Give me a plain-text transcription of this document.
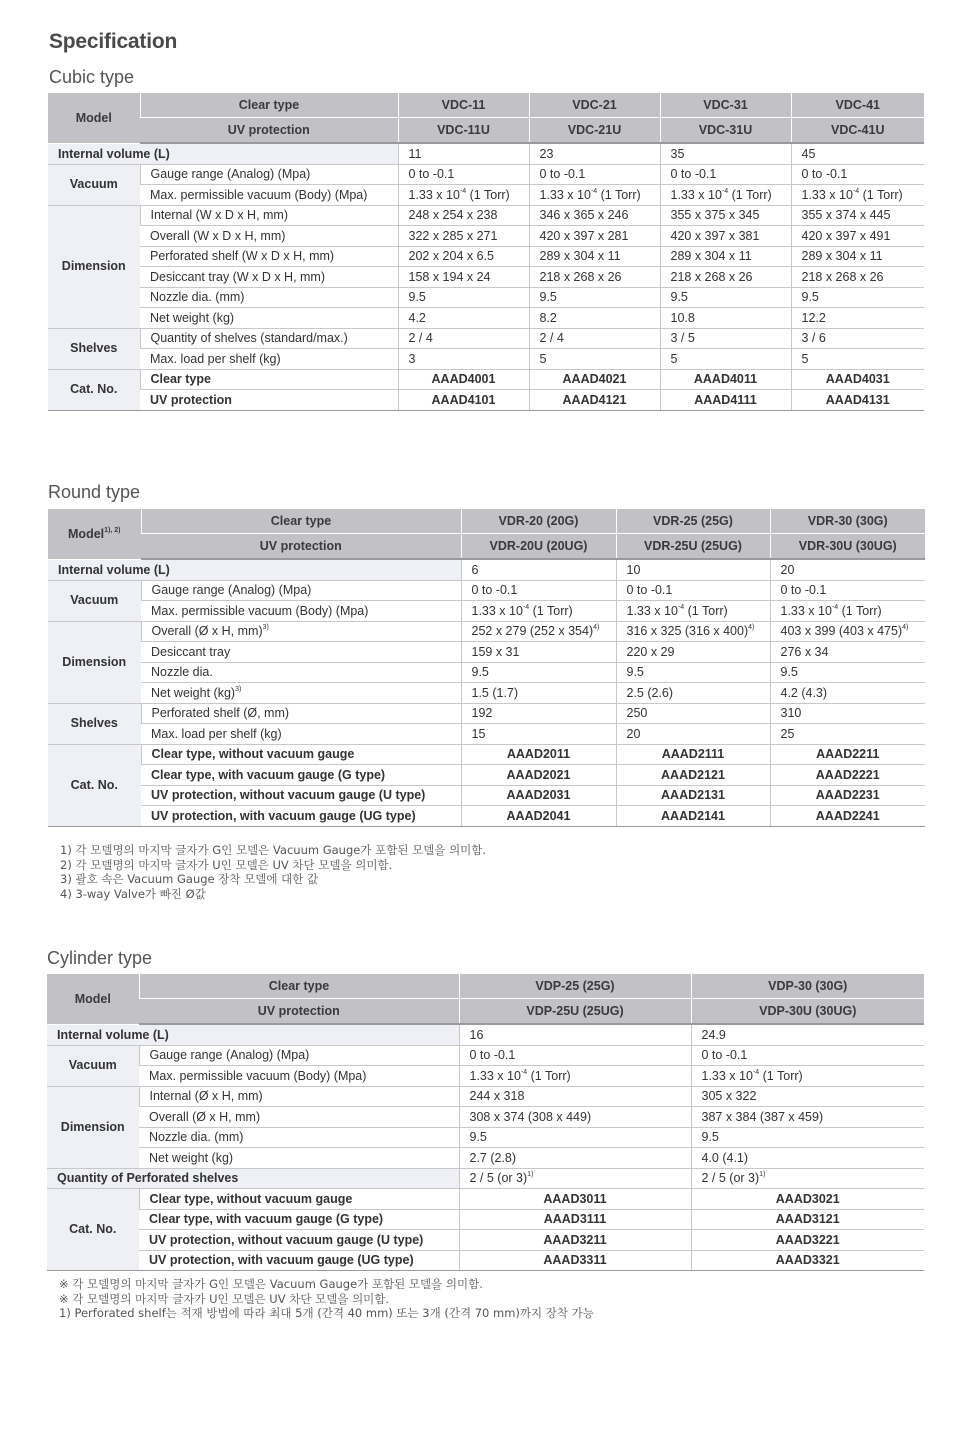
Specification
Cubic type
Model	Clear type	VDC-11	VDC-21	VDC-31	VDC-41
	UV protection	VDC-11U	VDC-21U	VDC-31U	VDC-41U
Internal volume (L)		11	23	35	45
Vacuum	Gauge range (Analog) (Mpa)	0 to -0.1	0 to -0.1	0 to -0.1	0 to -0.1
	Max. permissible vacuum (Body) (Mpa)	1.33 x $10^{-4}$ (1 Torr)	1.33 x $10^{-4}$ (1 Torr)	1.33 x $10^{-4}$ (1 Torr)	1.33 x $10^{-4}$ (1 Torr)
Dimension	Internal (W x D x H, mm)	248 x 254 x 238	346 x 365 x 246	355 x 375 x 345	355 x 374 x 445
	Overall (W x D x H, mm)	322 x 285 x 271	420 x 397 x 281	420 x 397 x 381	420 x 397 x 491
	Perforated shelf (W x D x H, mm)	202 x 204 x 6.5	289 x 304 x 11	289 x 304 x 11	289 x 304 x 11
	Desiccant tray (W x D x H, mm)	158 x 194 x 24	218 x 268 x 26	218 x 268 x 26	218 x 268 x 26
	Nozzle dia. (mm)	9.5	9.5	9.5	9.5
	Net weight (kg)	4.2	8.2	10.8	12.2
Shelves	Quantity of shelves (standard/max.)	2 / 4	2 / 4	3 / 5	3 / 6
	Max. load per shelf (kg)	3	5	5	5
Cat. No.	Clear type	AAAD4001	AAAD4021	AAAD4011	AAAD4031
	UV protection	AAAD4101	AAAD4121	AAAD4111	AAAD4131
Round type
Model$^{1), 2)}$	Clear type	VDR-20 (20G)	VDR-25 (25G)	VDR-30 (30G)
	UV protection	VDR-20U (20UG)	VDR-25U (25UG)	VDR-30U (30UG)
Internal volume (L)		6	10	20
Vacuum	Gauge range (Analog) (Mpa)	0 to -0.1	0 to -0.1	0 to -0.1
	Max. permissible vacuum (Body) (Mpa)	1.33 x $10^{-4}$ (1 Torr)	1.33 x $10^{-4}$ (1 Torr)	1.33 x $10^{-4}$ (1 Torr)
Dimension	Overall (Ø x H, mm)$^{3)}$	252 x 279 (252 x 354)$^{4)}$	316 x 325 (316 x 400)$^{4)}$	403 x 399 (403 x 475)$^{4)}$
	Desiccant tray	159 x 31	220 x 29	276 x 34
	Nozzle dia.	9.5	9.5	9.5
	Net weight (kg)$^{3)}$	1.5 (1.7)	2.5 (2.6)	4.2 (4.3)
Shelves	Perforated shelf (Ø, mm)	192	250	310
	Max. load per shelf (kg)	15	20	25
Cat. No.	Clear type, without vacuum gauge	AAAD2011	AAAD2111	AAAD2211
	Clear type, with vacuum gauge (G type)	AAAD2021	AAAD2121	AAAD2221
	UV protection, without vacuum gauge (U type)	AAAD2031	AAAD2131	AAAD2231
	UV protection, with vacuum gauge (UG type)	AAAD2041	AAAD2141	AAAD2241
1) 각 모델명의 마지막 글자가 G인 모델은 Vacuum Gauge가 포함된 모델을 의미함.
2) 각 모델명의 마지막 글자가 U인 모델은 UV 차단 모델을 의미함.
3) 괄호 속은 Vacuum Gauge 장착 모델에 대한 값
4) 3-way Valve가 빠진 Ø값
Cylinder type
Model	Clear type	VDP-25 (25G)	VDP-30 (30G)
	UV protection	VDP-25U (25UG)	VDP-30U (30UG)
Internal volume (L)		16	24.9
Vacuum	Gauge range (Analog) (Mpa)	0 to -0.1	0 to -0.1
	Max. permissible vacuum (Body) (Mpa)	1.33 x $10^{-4}$ (1 Torr)	1.33 x $10^{-4}$ (1 Torr)
Dimension	Internal (Ø x H, mm)	244 x 318	305 x 322
	Overall (Ø x H, mm)	308 x 374 (308 x 449)	387 x 384 (387 x 459)
	Nozzle dia. (mm)	9.5	9.5
	Net weight (kg)	2.7 (2.8)	4.0 (4.1)
Quantity of Perforated shelves		2 / 5 (or 3)$^{1)}$	2 / 5 (or 3)$^{1)}$
Cat. No.	Clear type, without vacuum gauge	AAAD3011	AAAD3021
	Clear type, with vacuum gauge (G type)	AAAD3111	AAAD3121
	UV protection, without vacuum gauge (U type)	AAAD3211	AAAD3221
	UV protection, with vacuum gauge (UG type)	AAAD3311	AAAD3321
※ 각 모델명의 마지막 글자가 G인 모델은 Vacuum Gauge가 포함된 모델을 의미함.
※ 각 모델명의 마지막 글자가 U인 모델은 UV 차단 모델을 의미함.
1) Perforated shelf는 적재 방법에 따라 최대 5개 (간격 40 mm) 또는 3개 (간격 70 mm)까지 장착 가능
